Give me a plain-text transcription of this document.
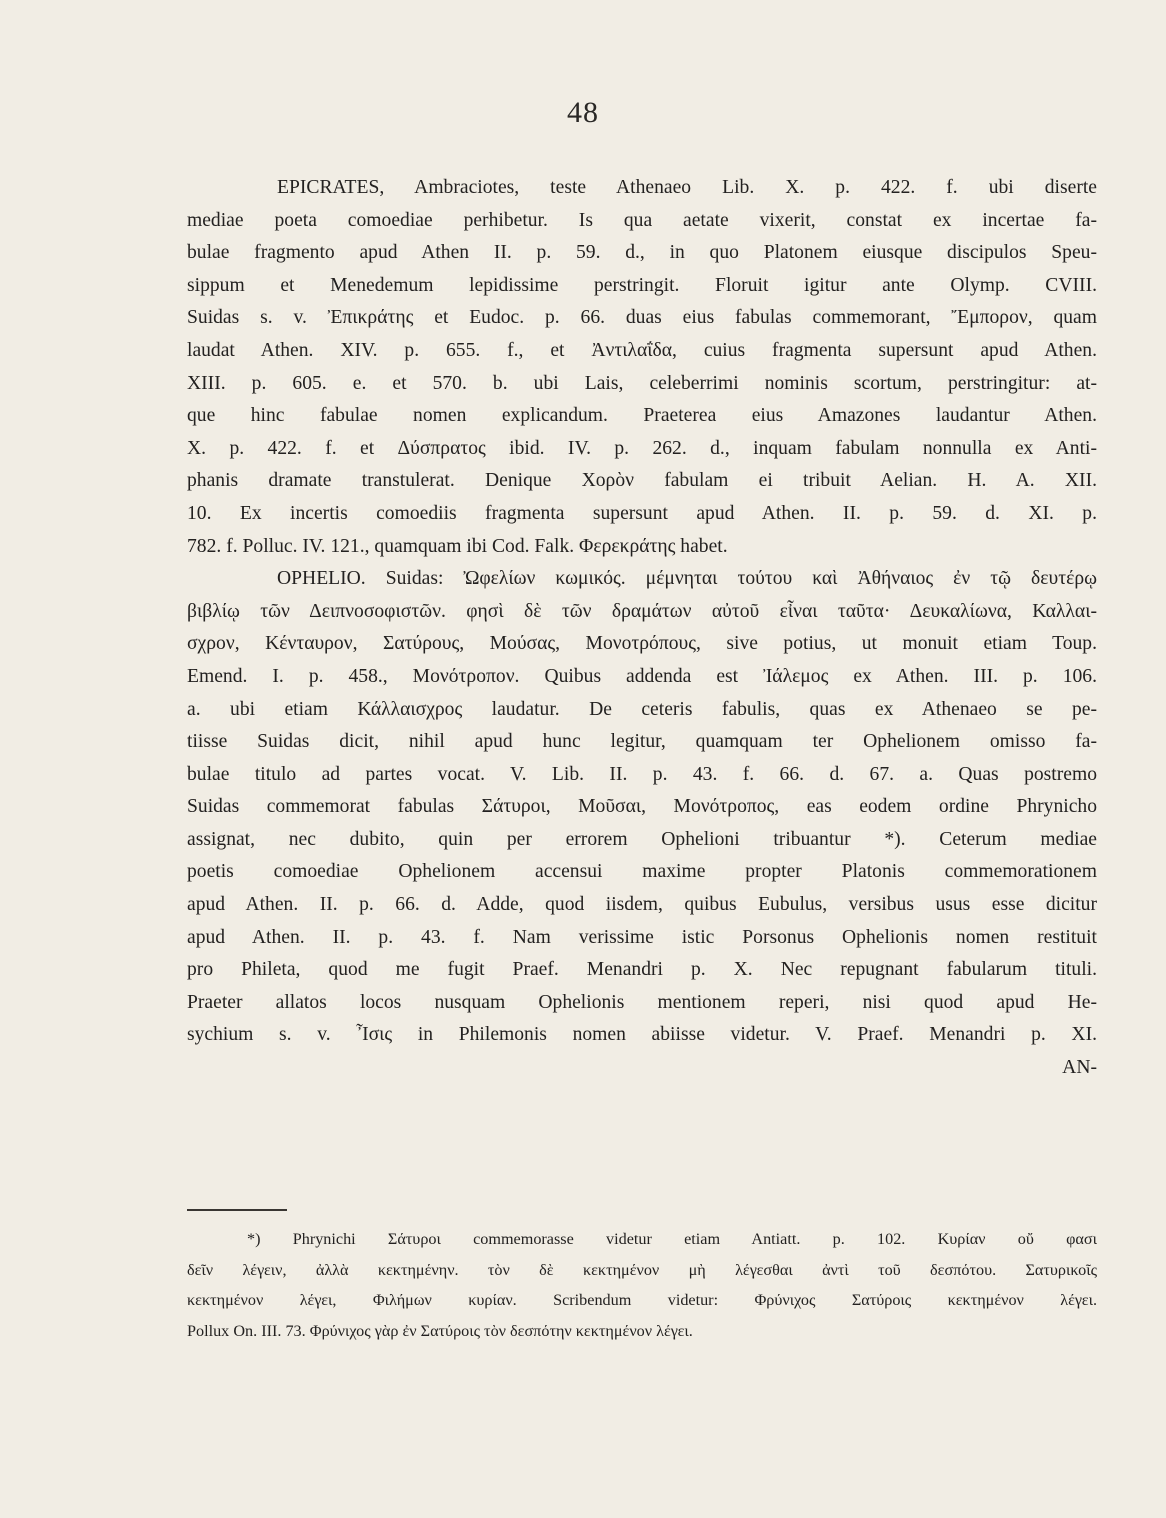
48
EPICRATES, Ambraciotes, teste Athenaeo Lib. X. p. 422. f. ubi diserte
mediae poeta comoediae perhibetur. Is qua aetate vixerit, constat ex incertae fa-
bulae fragmento apud Athen II. p. 59. d., in quo Platonem eiusque discipulos Speu-
sippum et Menedemum lepidissime perstringit. Floruit igitur ante Olymp. CVIII.
Suidas s. v. Ἐπικράτης et Eudoc. p. 66. duas eius fabulas commemorant, Ἔμπορον, quam
laudat Athen. XIV. p. 655. f., et Ἀντιλαΐδα, cuius fragmenta supersunt apud Athen.
XIII. p. 605. e. et 570. b. ubi Lais, celeberrimi nominis scortum, perstringitur: at-
que hinc fabulae nomen explicandum. Praeterea eius Amazones laudantur Athen.
X. p. 422. f. et Δύσπρατος ibid. IV. p. 262. d., inquam fabulam nonnulla ex Anti-
phanis dramate transtulerat. Denique Χορὸν fabulam ei tribuit Aelian. H. A. XII.
10. Ex incertis comoediis fragmenta supersunt apud Athen. II. p. 59. d. XI. p.
782. f. Polluc. IV. 121., quamquam ibi Cod. Falk. Φερεκράτης habet.
OPHELIO. Suidas: Ὠφελίων κωμικός. μέμνηται τούτου καὶ Ἀθήναιος ἐν τῷ δευτέρῳ
βιβλίῳ τῶν Δειπνοσοφιστῶν. φησὶ δὲ τῶν δραμάτων αὐτοῦ εἶναι ταῦτα· Δευκαλίωνα, Καλλαι-
σχρον, Κένταυρον, Σατύρους, Μούσας, Μονοτρόπους, sive potius, ut monuit etiam Toup.
Emend. I. p. 458., Μονότροπον. Quibus addenda est Ἰάλεμος ex Athen. III. p. 106.
a. ubi etiam Κάλλαισχρος laudatur. De ceteris fabulis, quas ex Athenaeo se pe-
tiisse Suidas dicit, nihil apud hunc legitur, quamquam ter Ophelionem omisso fa-
bulae titulo ad partes vocat. V. Lib. II. p. 43. f. 66. d. 67. a. Quas postremo
Suidas commemorat fabulas Σάτυροι, Μοῦσαι, Μονότροπος, eas eodem ordine Phrynicho
assignat, nec dubito, quin per errorem Ophelioni tribuantur *). Ceterum mediae
poetis comoediae Ophelionem accensui maxime propter Platonis commemorationem
apud Athen. II. p. 66. d. Adde, quod iisdem, quibus Eubulus, versibus usus esse dicitur
apud Athen. II. p. 43. f. Nam verissime istic Porsonus Ophelionis nomen restituit
pro Phileta, quod me fugit Praef. Menandri p. X. Nec repugnant fabularum tituli.
Praeter allatos locos nusquam Ophelionis mentionem reperi, nisi quod apud He-
sychium s. v. Ἶσις in Philemonis nomen abiisse videtur. V. Praef. Menandri p. XI.
AN-
*) Phrynichi Σάτυροι commemorasse videtur etiam Antiatt. p. 102. Κυρίαν οὔ φασι
δεῖν λέγειν, ἀλλὰ κεκτημένην. τὸν δὲ κεκτημένον μὴ λέγεσθαι ἀντὶ τοῦ δεσπότου. Σατυρικοῖς
κεκτημένον λέγει, Φιλήμων κυρίαν. Scribendum videtur: Φρύνιχος Σατύροις κεκτημένον λέγει.
Pollux On. III. 73. Φρύνιχος γὰρ ἐν Σατύροις τὸν δεσπότην κεκτημένον λέγει.
